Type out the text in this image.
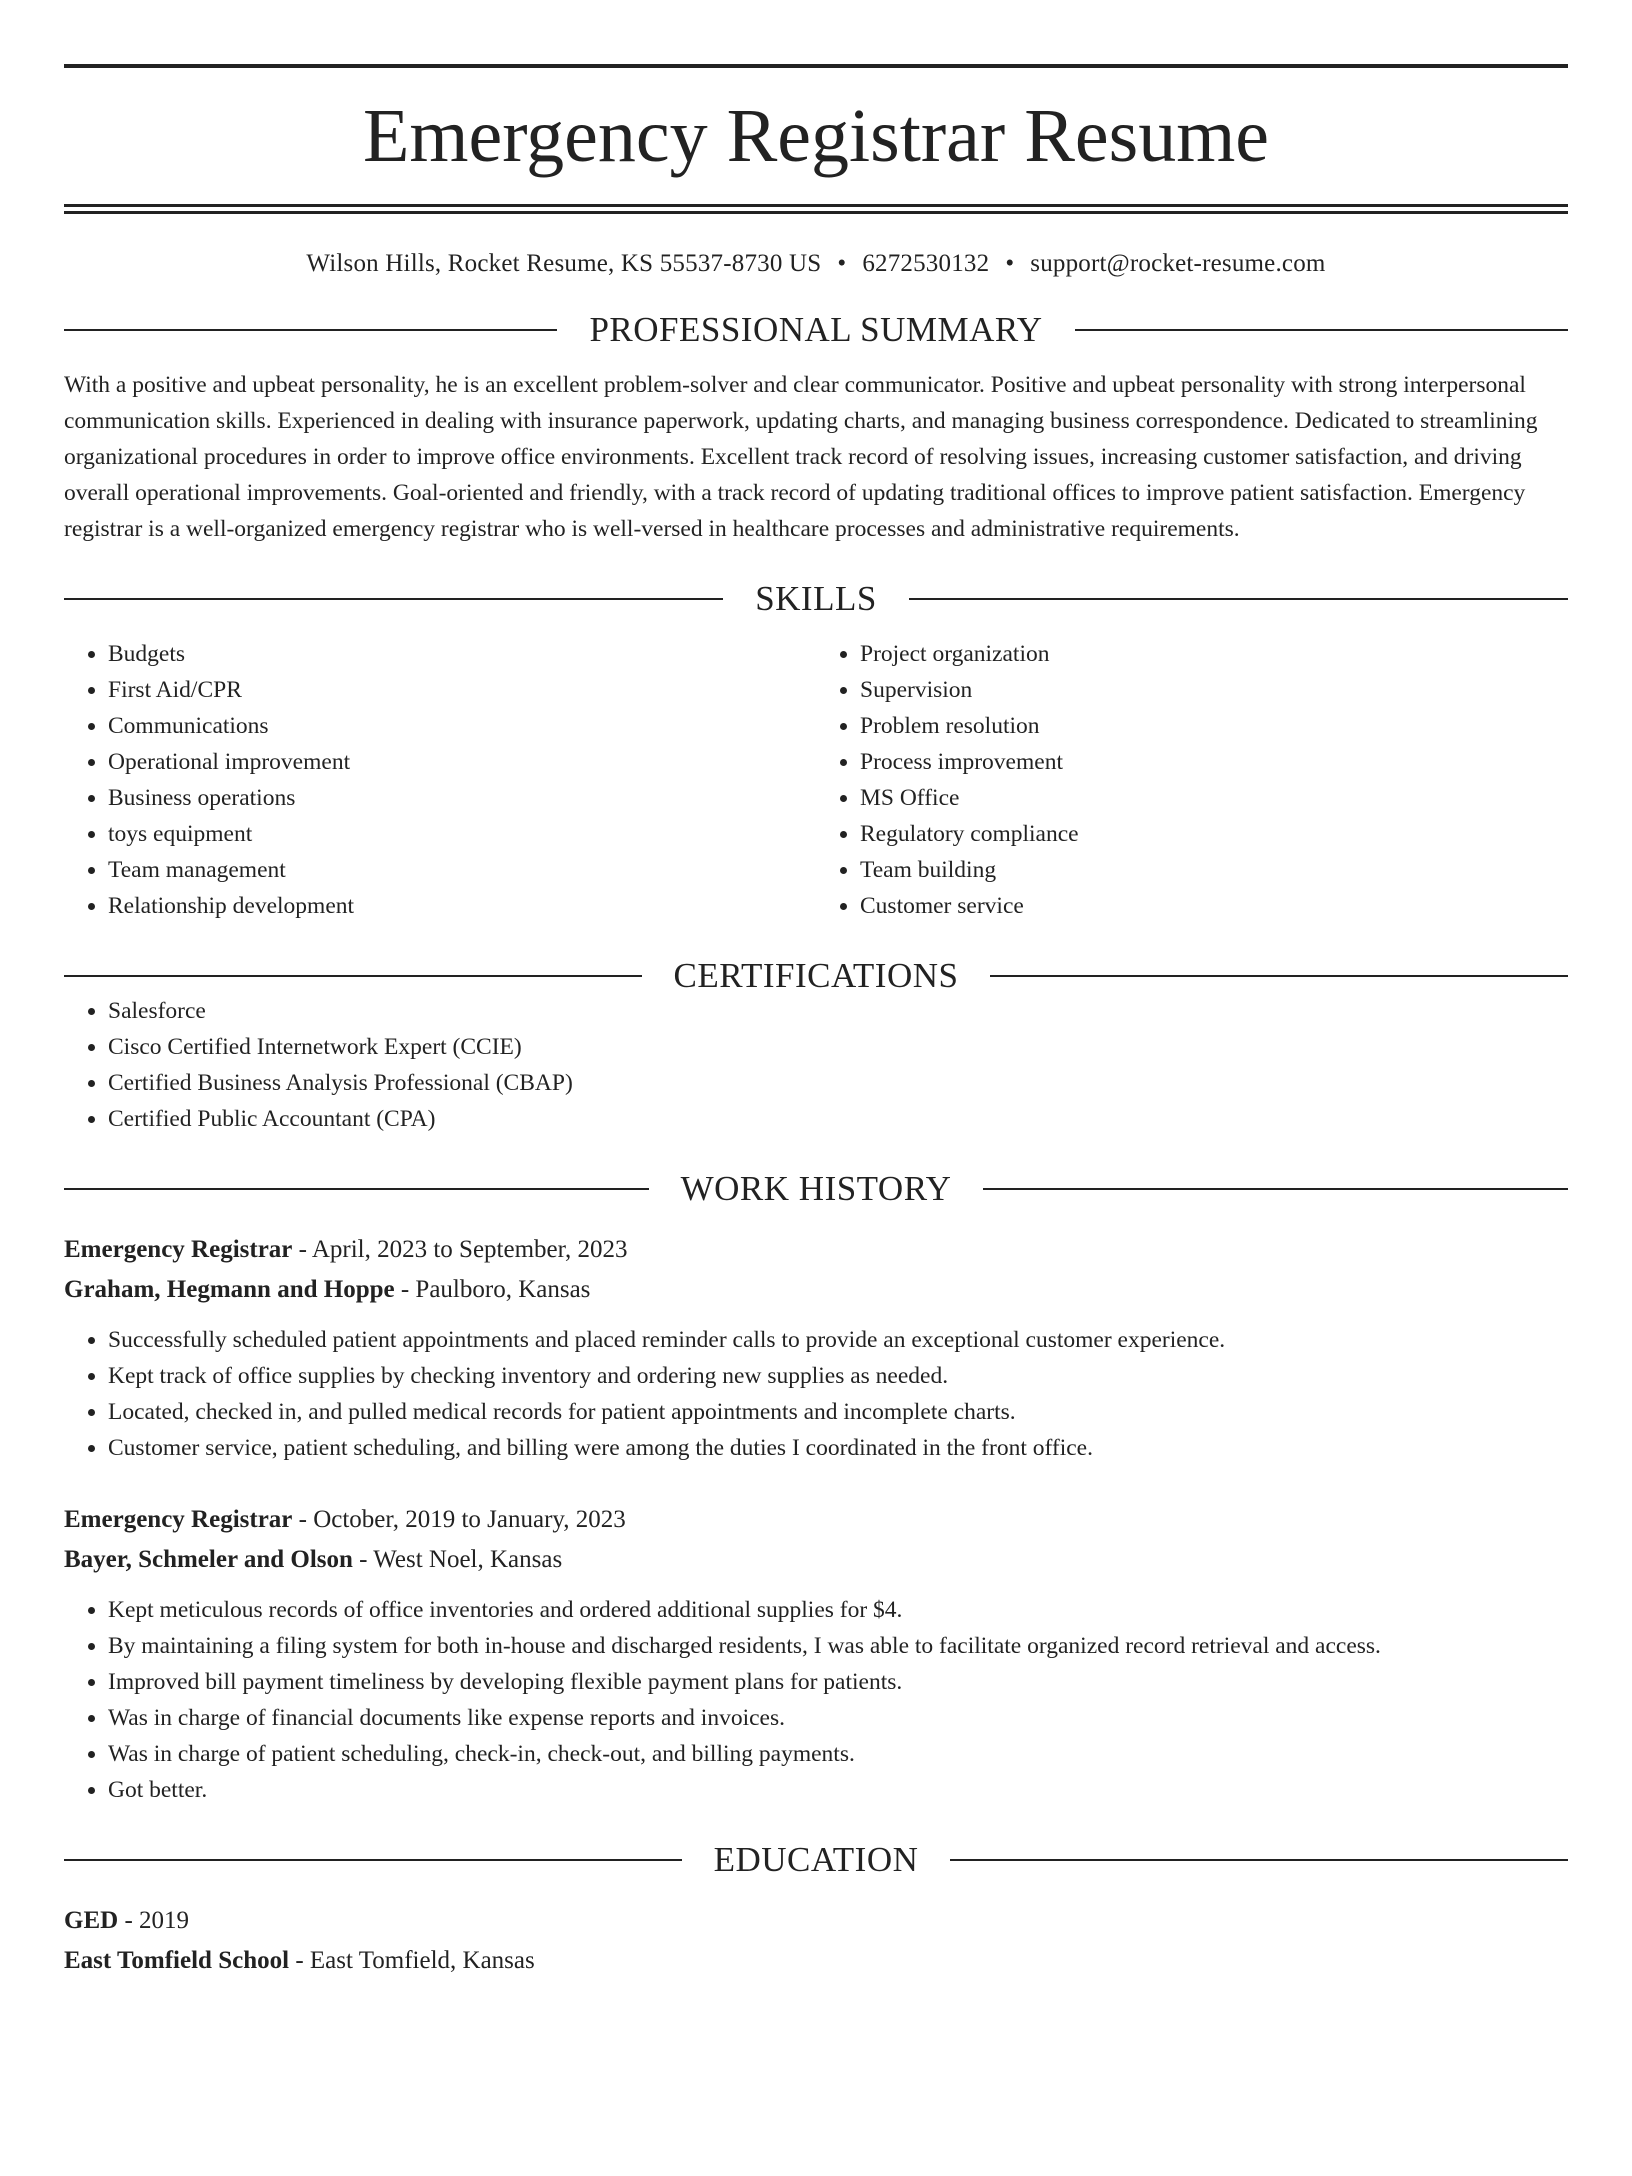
Emergency Registrar Resume
Wilson Hills, Rocket Resume, KS 55537-8730 US • 6272530132 • support@rocket-resume.com
PROFESSIONAL SUMMARY
With a positive and upbeat personality, he is an excellent problem-solver and clear communicator. Positive and upbeat personality with strong interpersonal communication skills. Experienced in dealing with insurance paperwork, updating charts, and managing business correspondence. Dedicated to streamlining organizational procedures in order to improve office environments. Excellent track record of resolving issues, increasing customer satisfaction, and driving overall operational improvements. Goal-oriented and friendly, with a track record of updating traditional offices to improve patient satisfaction. Emergency registrar is a well-organized emergency registrar who is well-versed in healthcare processes and administrative requirements.
SKILLS
• Budgets
• First Aid/CPR
• Communications
• Operational improvement
• Business operations
• toys equipment
• Team management
• Relationship development
• Project organization
• Supervision
• Problem resolution
• Process improvement
• MS Office
• Regulatory compliance
• Team building
• Customer service
CERTIFICATIONS
• Salesforce
• Cisco Certified Internetwork Expert (CCIE)
• Certified Business Analysis Professional (CBAP)
• Certified Public Accountant (CPA)
WORK HISTORY
Emergency Registrar - April, 2023 to September, 2023
Graham, Hegmann and Hoppe - Paulboro, Kansas
• Successfully scheduled patient appointments and placed reminder calls to provide an exceptional customer experience.
• Kept track of office supplies by checking inventory and ordering new supplies as needed.
• Located, checked in, and pulled medical records for patient appointments and incomplete charts.
• Customer service, patient scheduling, and billing were among the duties I coordinated in the front office.
Emergency Registrar - October, 2019 to January, 2023
Bayer, Schmeler and Olson - West Noel, Kansas
• Kept meticulous records of office inventories and ordered additional supplies for $4.
• By maintaining a filing system for both in-house and discharged residents, I was able to facilitate organized record retrieval and access.
• Improved bill payment timeliness by developing flexible payment plans for patients.
• Was in charge of financial documents like expense reports and invoices.
• Was in charge of patient scheduling, check-in, check-out, and billing payments.
• Got better.
EDUCATION
GED - 2019
East Tomfield School - East Tomfield, Kansas
